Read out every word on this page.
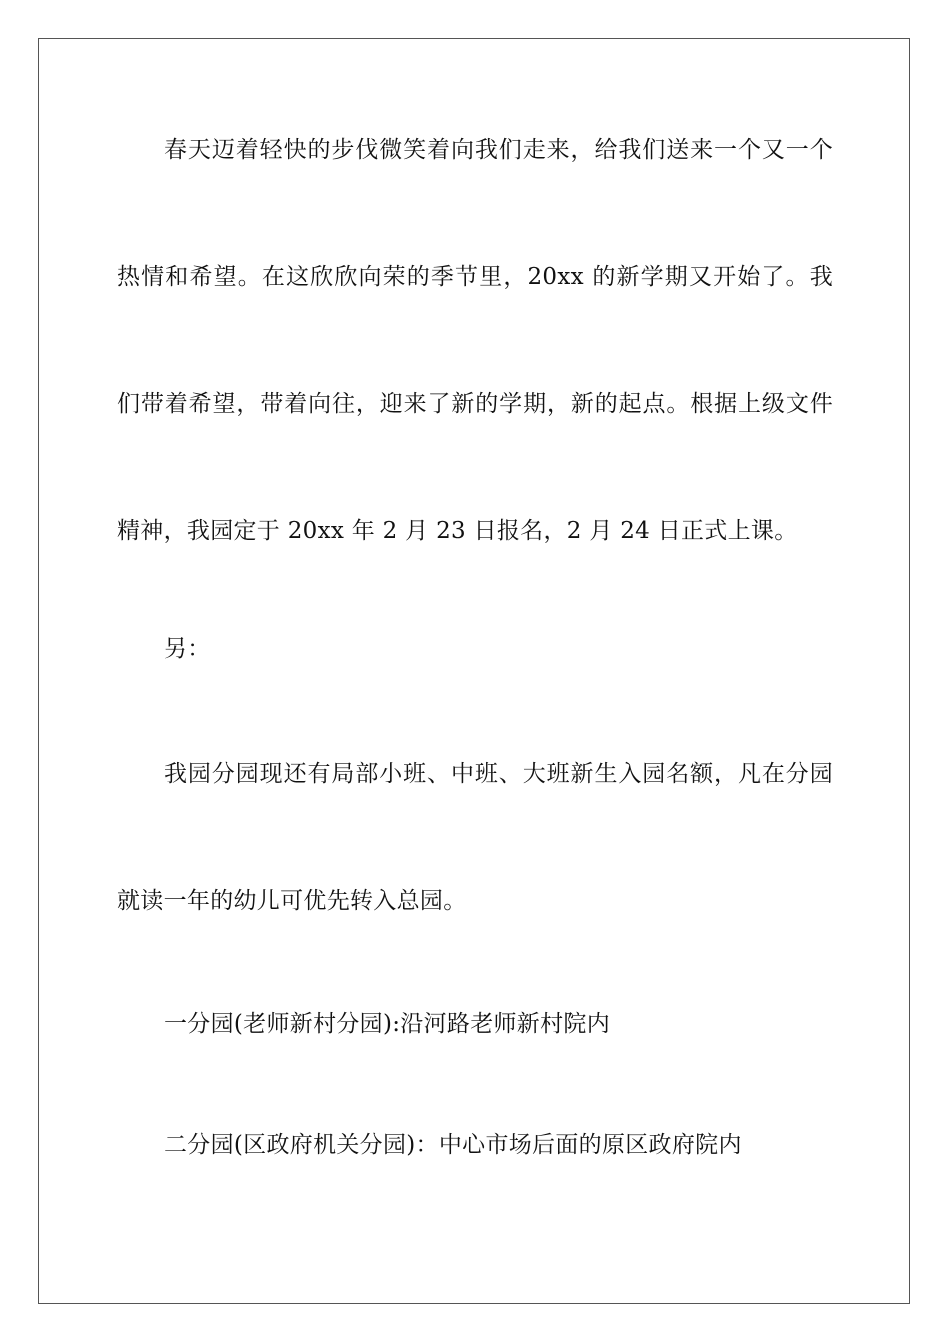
春天迈着轻快的步伐微笑着向我们走来，给我们送来一个又一个
热情和希望。在这欣欣向荣的季节里，20xx 的新学期又开始了。我
们带着希望，带着向往，迎来了新的学期，新的起点。根据上级文件
精神，我园定于 20xx 年 2 月 23 日报名，2 月 24 日正式上课。
另：
我园分园现还有局部小班、中班、大班新生入园名额，凡在分园
就读一年的幼儿可优先转入总园。
一分园(老师新村分园):沿河路老师新村院内
二分园(区政府机关分园)：中心市场后面的原区政府院内
